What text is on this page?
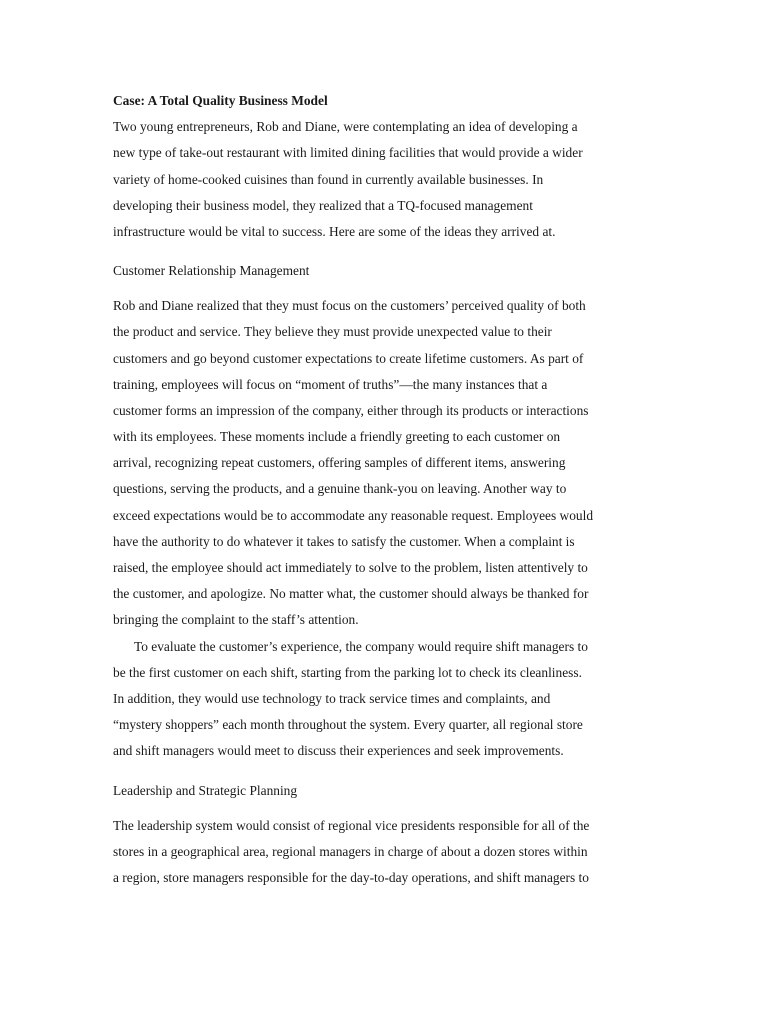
Case: A Total Quality Business Model
Two young entrepreneurs, Rob and Diane, were contemplating an idea of developing a
new type of take-out restaurant with limited dining facilities that would provide a wider
variety of home-cooked cuisines than found in currently available businesses. In
developing their business model, they realized that a TQ-focused management
infrastructure would be vital to success. Here are some of the ideas they arrived at.
Customer Relationship Management
Rob and Diane realized that they must focus on the customers’ perceived quality of both
the product and service. They believe they must provide unexpected value to their
customers and go beyond customer expectations to create lifetime customers. As part of
training, employees will focus on “moment of truths”—the many instances that a
customer forms an impression of the company, either through its products or interactions
with its employees. These moments include a friendly greeting to each customer on
arrival, recognizing repeat customers, offering samples of different items, answering
questions, serving the products, and a genuine thank-you on leaving. Another way to
exceed expectations would be to accommodate any reasonable request. Employees would
have the authority to do whatever it takes to satisfy the customer. When a complaint is
raised, the employee should act immediately to solve to the problem, listen attentively to
the customer, and apologize. No matter what, the customer should always be thanked for
bringing the complaint to the staff’s attention.
To evaluate the customer’s experience, the company would require shift managers to
be the first customer on each shift, starting from the parking lot to check its cleanliness.
In addition, they would use technology to track service times and complaints, and
“mystery shoppers” each month throughout the system. Every quarter, all regional store
and shift managers would meet to discuss their experiences and seek improvements.
Leadership and Strategic Planning
The leadership system would consist of regional vice presidents responsible for all of the
stores in a geographical area, regional managers in charge of about a dozen stores within
a region, store managers responsible for the day-to-day operations, and shift managers to
